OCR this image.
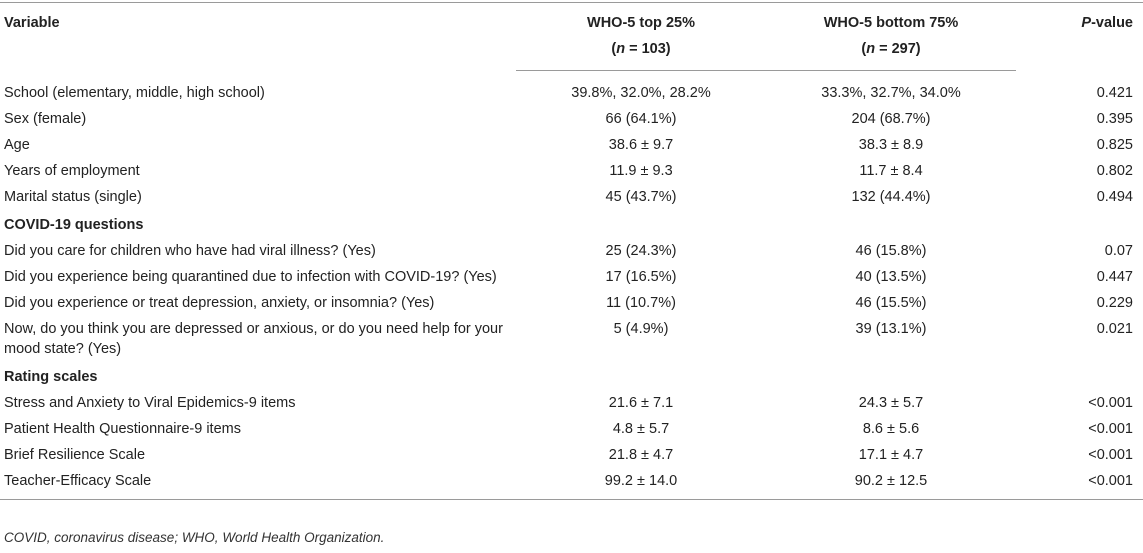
Variable	WHO-5 top 25%	WHO-5 bottom 75%	P-value
	(n = 103)	(n = 297)	
School (elementary, middle, high school)	39.8%, 32.0%, 28.2%	33.3%, 32.7%, 34.0%	0.421
Sex (female)	66 (64.1%)	204 (68.7%)	0.395
Age	38.6 ± 9.7	38.3 ± 8.9	0.825
Years of employment	11.9 ± 9.3	11.7 ± 8.4	0.802
Marital status (single)	45 (43.7%)	132 (44.4%)	0.494
COVID-19 questions			
Did you care for children who have had viral illness? (Yes)	25 (24.3%)	46 (15.8%)	0.07
Did you experience being quarantined due to infection with COVID-19? (Yes)	17 (16.5%)	40 (13.5%)	0.447
Did you experience or treat depression, anxiety, or insomnia? (Yes)	11 (10.7%)	46 (15.5%)	0.229
Now, do you think you are depressed or anxious, or do you need help for your mood state? (Yes)	5 (4.9%)	39 (13.1%)	0.021
Rating scales			
Stress and Anxiety to Viral Epidemics-9 items	21.6 ± 7.1	24.3 ± 5.7	<0.001
Patient Health Questionnaire-9 items	4.8 ± 5.7	8.6 ± 5.6	<0.001
Brief Resilience Scale	21.8 ± 4.7	17.1 ± 4.7	<0.001
Teacher-Efficacy Scale	99.2 ± 14.0	90.2 ± 12.5	<0.001
COVID, coronavirus disease; WHO, World Health Organization.
